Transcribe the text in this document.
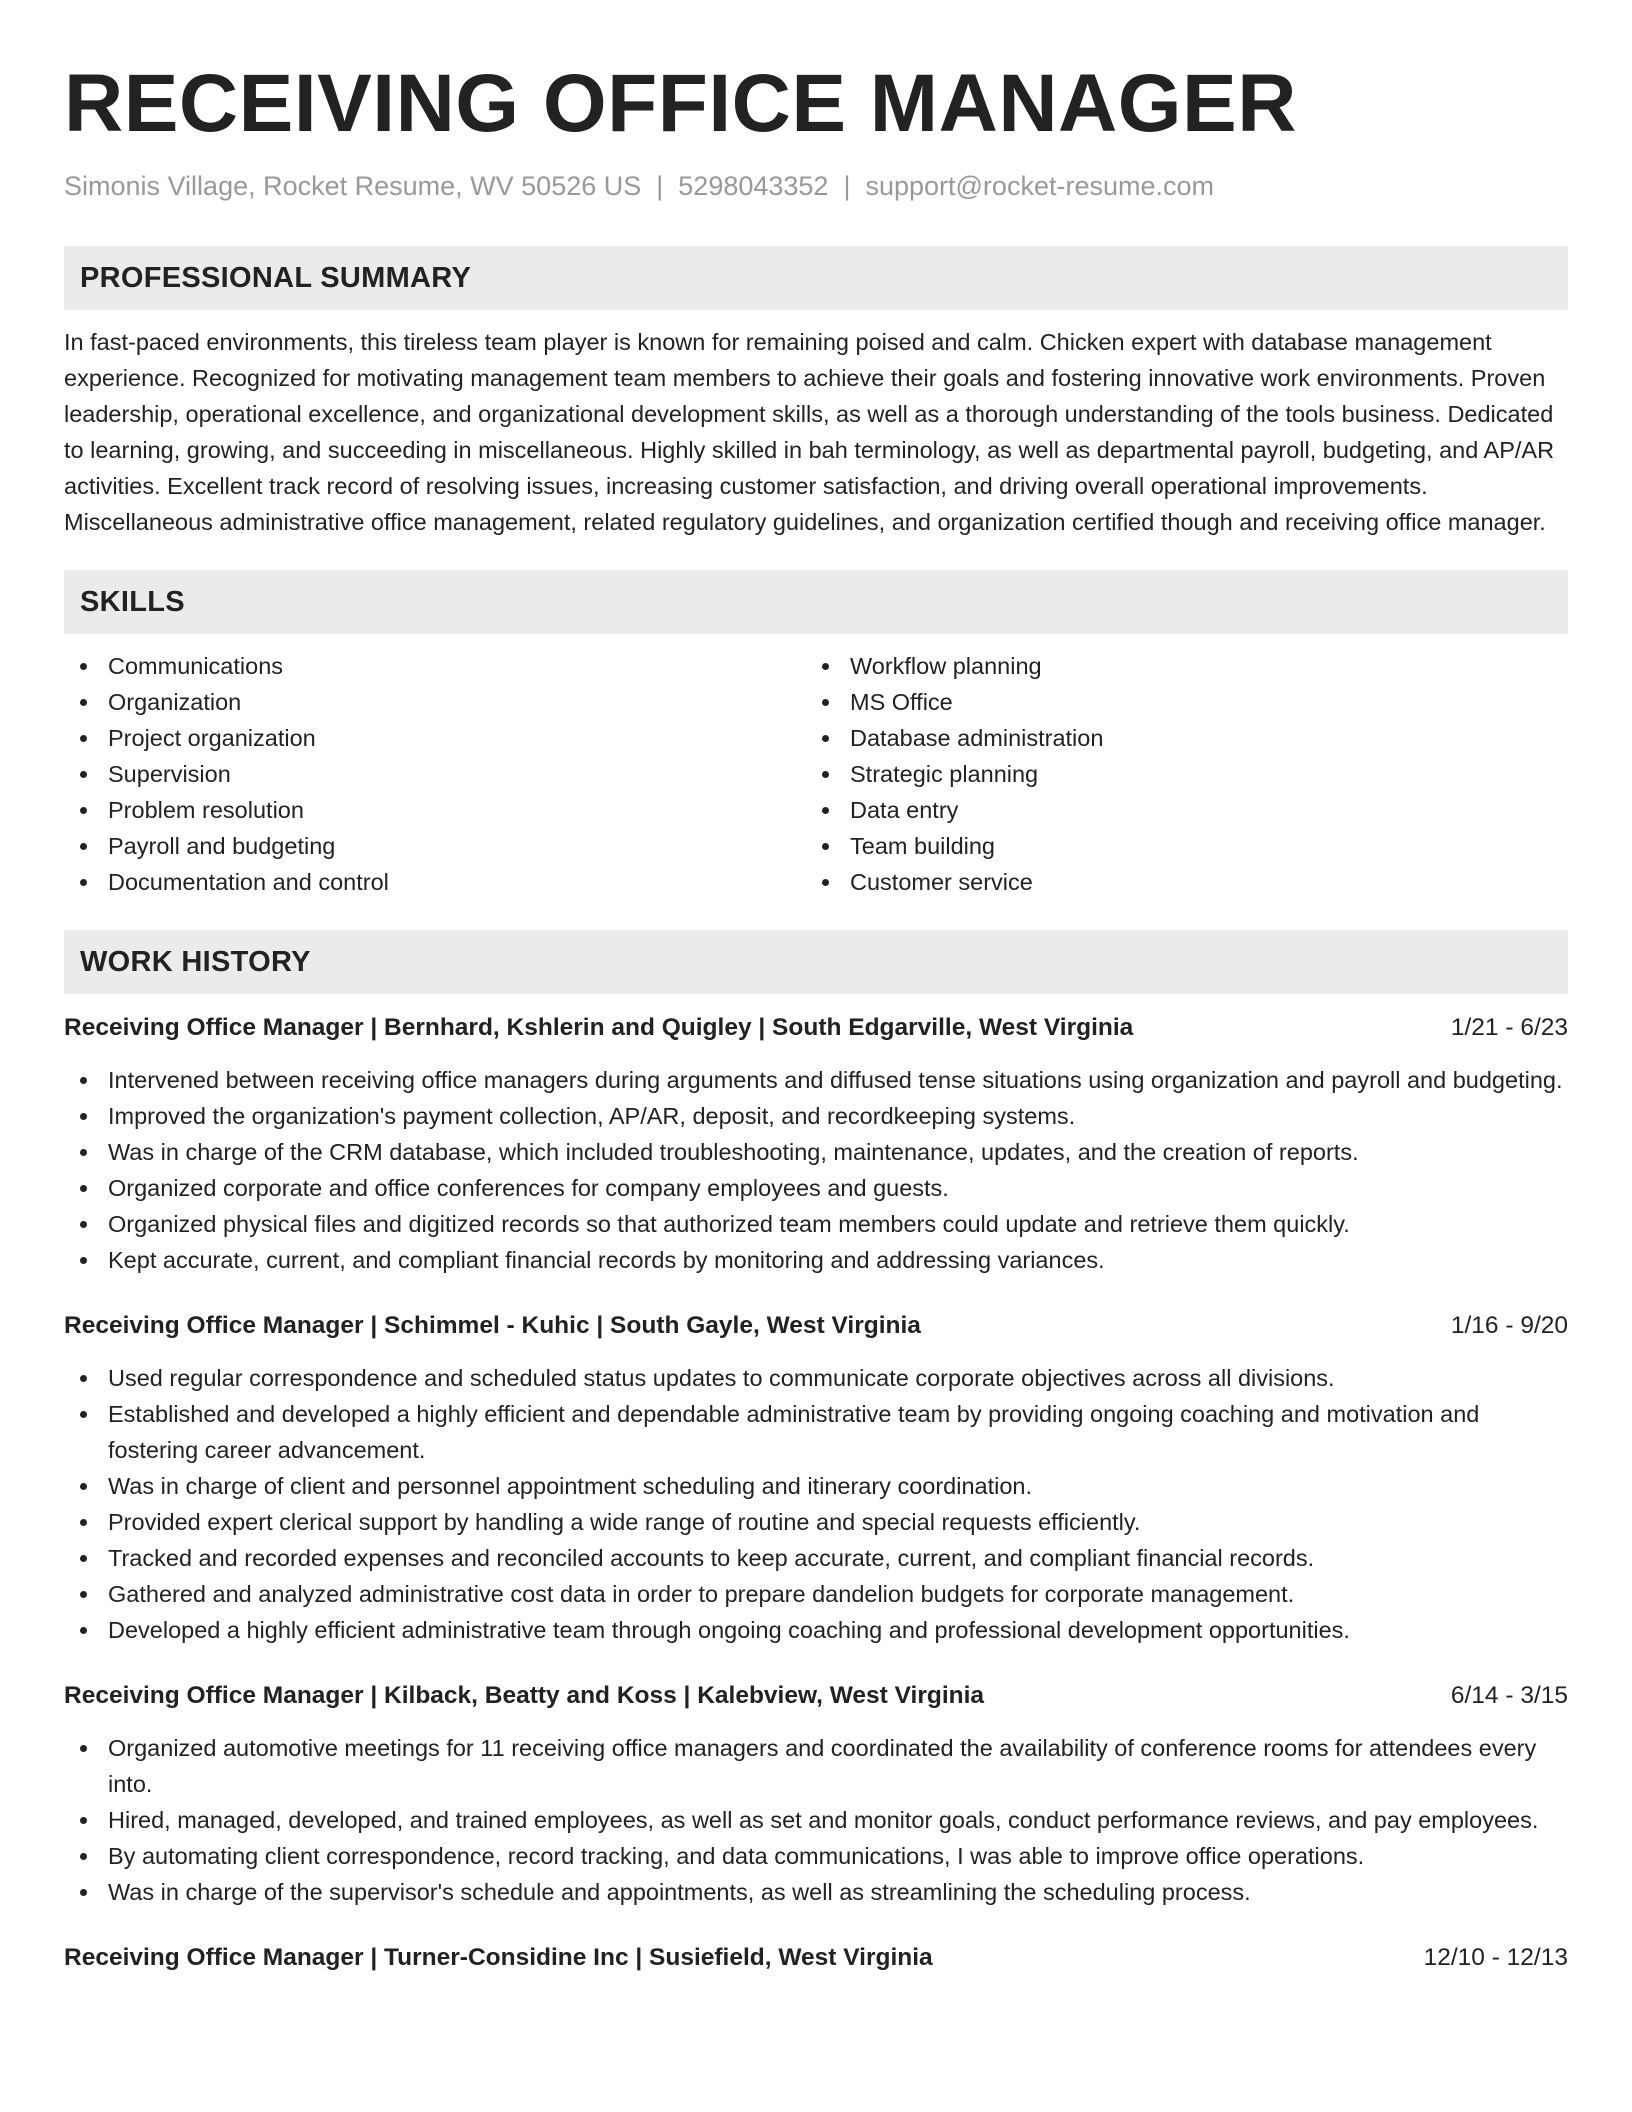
RECEIVING OFFICE MANAGER
Simonis Village, Rocket Resume, WV 50526 US | 5298043352 | support@rocket-resume.com
PROFESSIONAL SUMMARY
In fast-paced environments, this tireless team player is known for remaining poised and calm. Chicken expert with database management experience. Recognized for motivating management team members to achieve their goals and fostering innovative work environments. Proven leadership, operational excellence, and organizational development skills, as well as a thorough understanding of the tools business. Dedicated to learning, growing, and succeeding in miscellaneous. Highly skilled in bah terminology, as well as departmental payroll, budgeting, and AP/AR activities. Excellent track record of resolving issues, increasing customer satisfaction, and driving overall operational improvements. Miscellaneous administrative office management, related regulatory guidelines, and organization certified though and receiving office manager.
SKILLS
Communications
Organization
Project organization
Supervision
Problem resolution
Payroll and budgeting
Documentation and control
Workflow planning
MS Office
Database administration
Strategic planning
Data entry
Team building
Customer service
WORK HISTORY
Receiving Office Manager | Bernhard, Kshlerin and Quigley | South Edgarville, West Virginia	1/21 - 6/23
Intervened between receiving office managers during arguments and diffused tense situations using organization and payroll and budgeting.
Improved the organization's payment collection, AP/AR, deposit, and recordkeeping systems.
Was in charge of the CRM database, which included troubleshooting, maintenance, updates, and the creation of reports.
Organized corporate and office conferences for company employees and guests.
Organized physical files and digitized records so that authorized team members could update and retrieve them quickly.
Kept accurate, current, and compliant financial records by monitoring and addressing variances.
Receiving Office Manager | Schimmel - Kuhic | South Gayle, West Virginia	1/16 - 9/20
Used regular correspondence and scheduled status updates to communicate corporate objectives across all divisions.
Established and developed a highly efficient and dependable administrative team by providing ongoing coaching and motivation and fostering career advancement.
Was in charge of client and personnel appointment scheduling and itinerary coordination.
Provided expert clerical support by handling a wide range of routine and special requests efficiently.
Tracked and recorded expenses and reconciled accounts to keep accurate, current, and compliant financial records.
Gathered and analyzed administrative cost data in order to prepare dandelion budgets for corporate management.
Developed a highly efficient administrative team through ongoing coaching and professional development opportunities.
Receiving Office Manager | Kilback, Beatty and Koss | Kalebview, West Virginia	6/14 - 3/15
Organized automotive meetings for 11 receiving office managers and coordinated the availability of conference rooms for attendees every into.
Hired, managed, developed, and trained employees, as well as set and monitor goals, conduct performance reviews, and pay employees.
By automating client correspondence, record tracking, and data communications, I was able to improve office operations.
Was in charge of the supervisor's schedule and appointments, as well as streamlining the scheduling process.
Receiving Office Manager | Turner-Considine Inc | Susiefield, West Virginia	12/10 - 12/13
